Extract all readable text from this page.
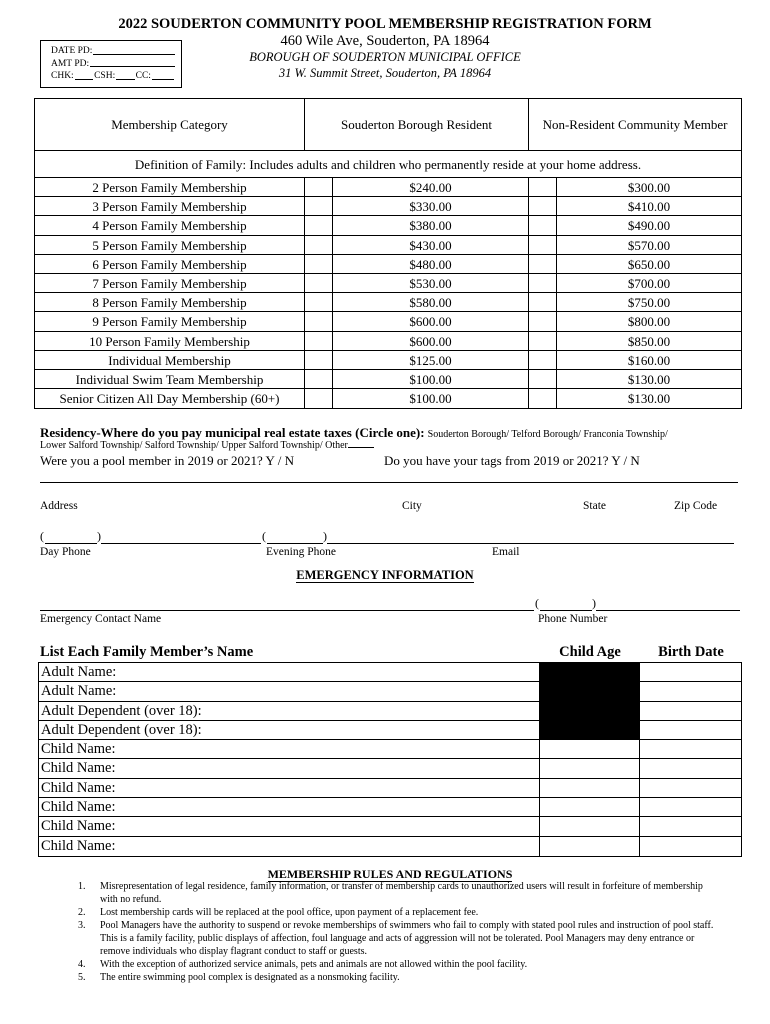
2022 SOUDERTON COMMUNITY POOL MEMBERSHIP REGISTRATION FORM
460 Wile Ave, Souderton, PA 18964
BOROUGH OF SOUDERTON MUNICIPAL OFFICE
31 W. Summit Street, Souderton, PA 18964
DATE PD:
AMT PD:
CHK: CSH: CC:
Membership Category	Souderton Borough Resident	Non-Resident Community Member
Definition of Family: Includes adults and children who permanently reside at your home address.
2 Person Family Membership	$240.00	$300.00
3 Person Family Membership	$330.00	$410.00
4 Person Family Membership	$380.00	$490.00
5 Person Family Membership	$430.00	$570.00
6 Person Family Membership	$480.00	$650.00
7 Person Family Membership	$530.00	$700.00
8 Person Family Membership	$580.00	$750.00
9 Person Family Membership	$600.00	$800.00
10 Person Family Membership	$600.00	$850.00
Individual Membership	$125.00	$160.00
Individual Swim Team Membership	$100.00	$130.00
Senior Citizen All Day Membership (60+)	$100.00	$130.00
Residency-Where do you pay municipal real estate taxes (Circle one): Souderton Borough/ Telford Borough/ Franconia Township/
Lower Salford Township/ Salford Township/ Upper Salford Township/ Other
Were you a pool member in 2019 or 2021? Y / N	Do you have your tags from 2019 or 2021? Y / N
Address	City	State	Zip Code
(	)	(	)
Day Phone	Evening Phone	Email
EMERGENCY INFORMATION
(	)
Emergency Contact Name	Phone Number
List Each Family Member’s Name	Child Age	Birth Date
Adult Name:
Adult Name:
Adult Dependent (over 18):
Adult Dependent (over 18):
Child Name:
Child Name:
Child Name:
Child Name:
Child Name:
Child Name:
MEMBERSHIP RULES AND REGULATIONS
1.	Misrepresentation of legal residence, family information, or transfer of membership cards to unauthorized users will result in forfeiture of membership with no refund.
2.	Lost membership cards will be replaced at the pool office, upon payment of a replacement fee.
3.	Pool Managers have the authority to suspend or revoke memberships of swimmers who fail to comply with stated pool rules and instruction of pool staff. This is a family facility, public displays of affection, foul language and acts of aggression will not be tolerated. Pool Managers may deny entrance or remove individuals who display flagrant conduct to staff or guests.
4.	With the exception of authorized service animals, pets and animals are not allowed within the pool facility.
5.	The entire swimming pool complex is designated as a nonsmoking facility.
